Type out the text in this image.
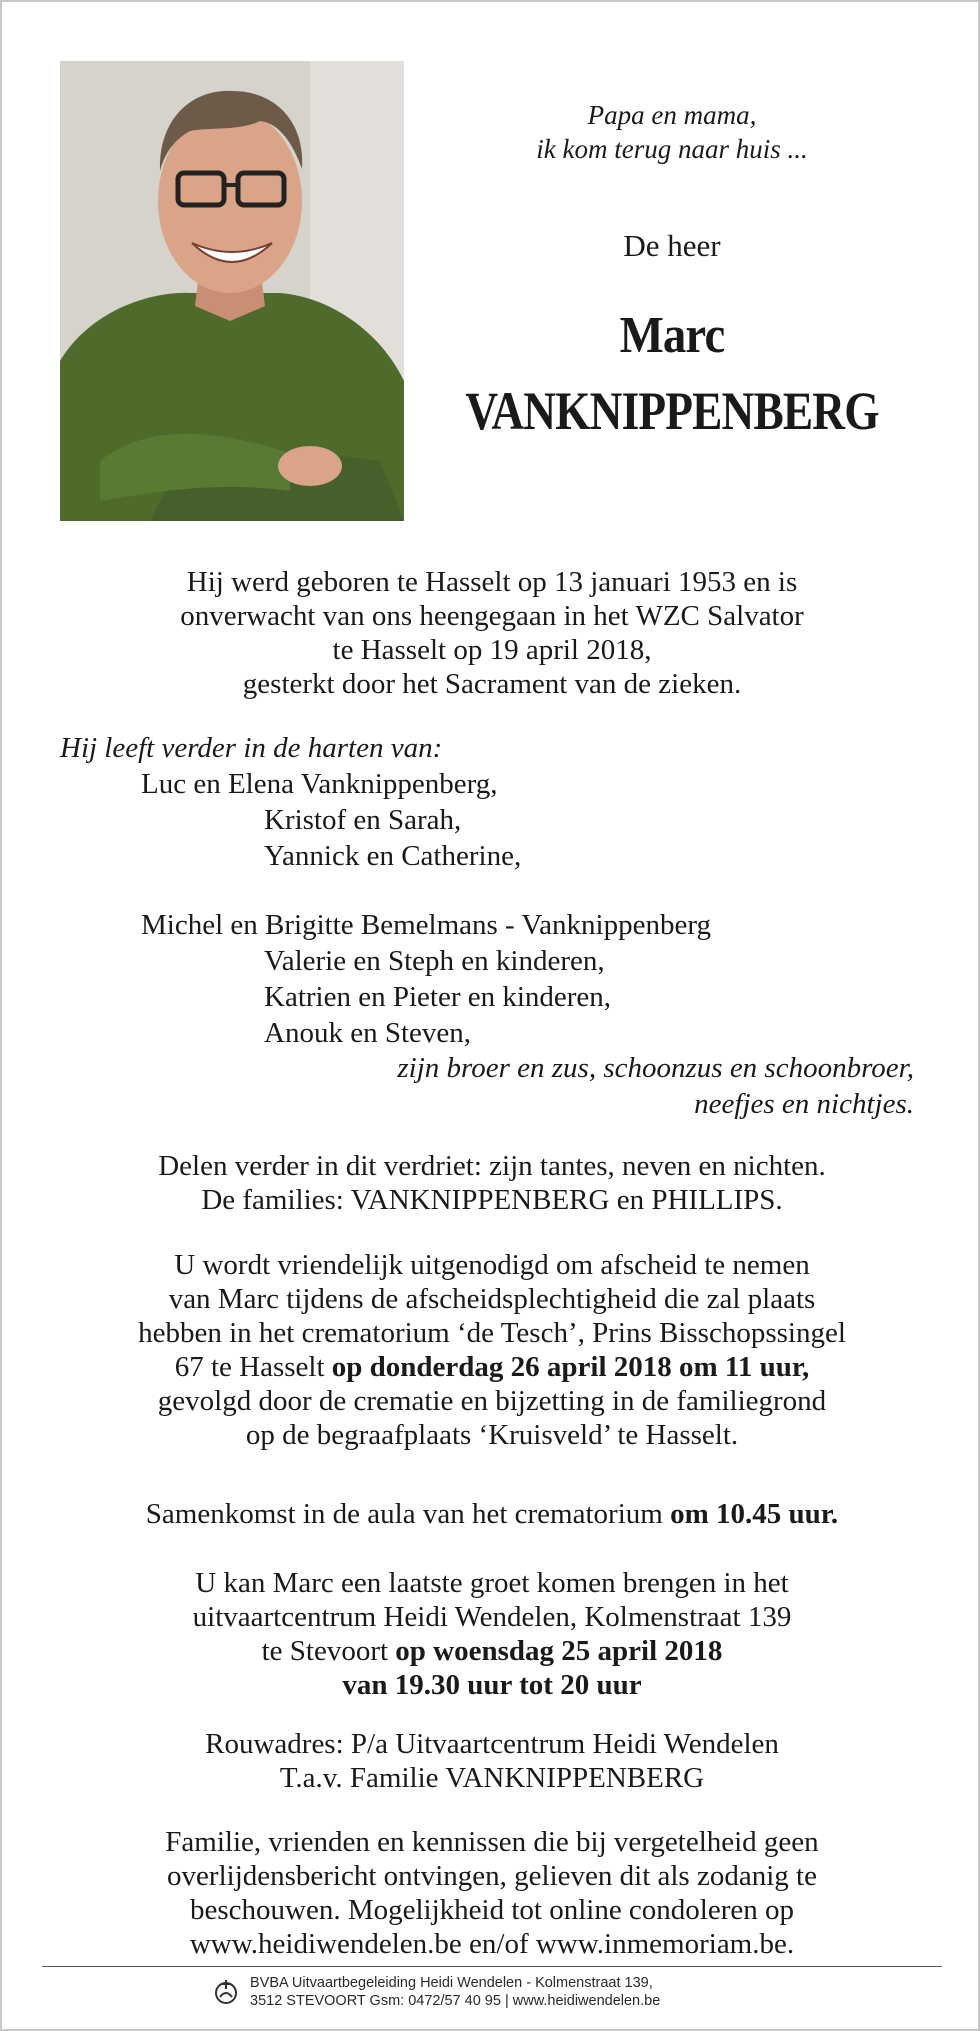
Papa en mama,
ik kom terug naar huis ...
De heer
Marc
VANKNIPPENBERG
Hij werd geboren te Hasselt op 13 januari 1953 en is
onverwacht van ons heengegaan in het WZC Salvator
te Hasselt op 19 april 2018,
gesterkt door het Sacrament van de zieken.
Hij leeft verder in de harten van:
Luc en Elena Vanknippenberg,
Kristof en Sarah,
Yannick en Catherine,
Michel en Brigitte Bemelmans - Vanknippenberg
Valerie en Steph en kinderen,
Katrien en Pieter en kinderen,
Anouk en Steven,
zijn broer en zus, schoonzus en schoonbroer,
neefjes en nichtjes.
Delen verder in dit verdriet: zijn tantes, neven en nichten.
De families: VANKNIPPENBERG en PHILLIPS.
U wordt vriendelijk uitgenodigd om afscheid te nemen
van Marc tijdens de afscheidsplechtigheid die zal plaats
hebben in het crematorium ‘de Tesch’, Prins Bisschopssingel
67 te Hasselt op donderdag 26 april 2018 om 11 uur,
gevolgd door de crematie en bijzetting in de familiegrond
op de begraafplaats ‘Kruisveld’ te Hasselt.
Samenkomst in de aula van het crematorium om 10.45 uur.
U kan Marc een laatste groet komen brengen in het
uitvaartcentrum Heidi Wendelen, Kolmenstraat 139
te Stevoort op woensdag 25 april 2018
van 19.30 uur tot 20 uur
Rouwadres: P/a Uitvaartcentrum Heidi Wendelen
T.a.v. Familie VANKNIPPENBERG
Familie, vrienden en kennissen die bij vergetelheid geen
overlijdensbericht ontvingen, gelieven dit als zodanig te
beschouwen. Mogelijkheid tot online condoleren op
www.heidiwendelen.be en/of www.inmemoriam.be.
BVBA Uitvaartbegeleiding Heidi Wendelen - Kolmenstraat 139,
3512 STEVOORT Gsm: 0472/57 40 95 | www.heidiwendelen.be
